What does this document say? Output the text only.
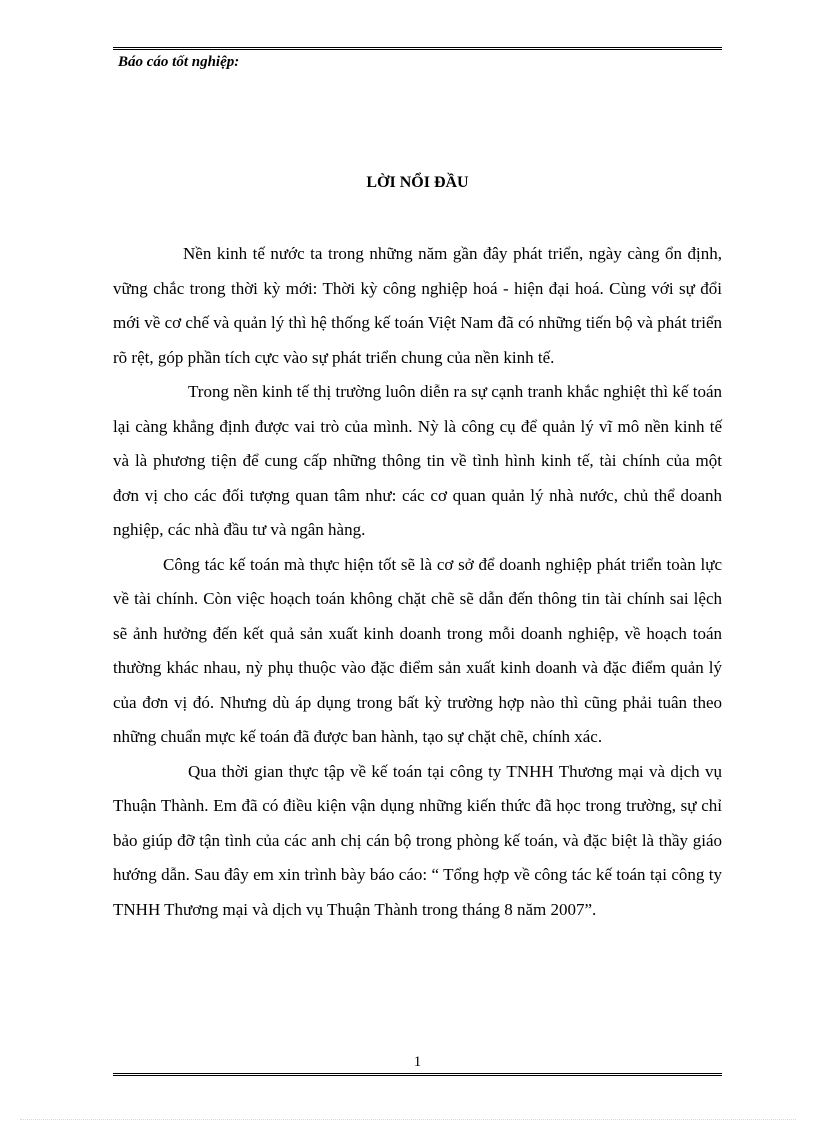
Báo cáo tốt nghiệp:
LỜI NỔI ĐẦU

Nền kinh tế nước ta trong những năm gần đây phát triển, ngày càng ổn định, vững chắc trong thời kỳ mới: Thời kỳ công nghiệp hoá - hiện đại hoá. Cùng với sự đổi mới về cơ chế và quản lý thì hệ thống kế toán Việt Nam đã có những tiến bộ và phát triển rõ rệt, góp phần tích cực vào sự phát triển chung của nền kinh tế.

Trong nền kinh tế thị trường luôn diễn ra sự cạnh tranh khắc nghiệt thì kế toán lại càng khẳng định được vai trò của mình. Nỳ là công cụ để quản lý vĩ mô nền kinh tế và là phương tiện để cung cấp những thông tin về tình hình kinh tế, tài chính của một đơn vị cho các đối tượng quan tâm như: các cơ quan quản lý nhà nước, chủ thể doanh nghiệp, các nhà đầu tư và ngân hàng.

Công tác kế toán mà thực hiện tốt sẽ là cơ sở để doanh nghiệp phát triển toàn lực về tài chính. Còn việc hoạch toán không chặt chẽ sẽ dẫn đến thông tin tài chính sai lệch sẽ ảnh hưởng đến kết quả sản xuất kinh doanh trong mỗi doanh nghiệp, về hoạch toán thường khác nhau, nỳ phụ thuộc vào đặc điểm sản xuất kinh doanh và đặc điểm quản lý của đơn vị đó. Nhưng dù áp dụng trong bất kỳ trường hợp nào thì cũng phải tuân theo những chuẩn mực kế toán đã được ban hành, tạo sự chặt chẽ, chính xác.

Qua thời gian thực tập về kế toán tại công ty TNHH Thương mại và dịch vụ Thuận Thành. Em đã có điều kiện vận dụng những kiến thức đã học trong trường, sự chỉ bảo giúp đỡ tận tình của các anh chị cán bộ trong phòng kế toán, và đặc biệt là thầy giáo hướng dẫn. Sau đây em xin trình bày báo cáo: “ Tổng hợp về công tác kế toán tại công ty TNHH Thương mại và dịch vụ Thuận Thành trong tháng 8 năm 2007”.

1
